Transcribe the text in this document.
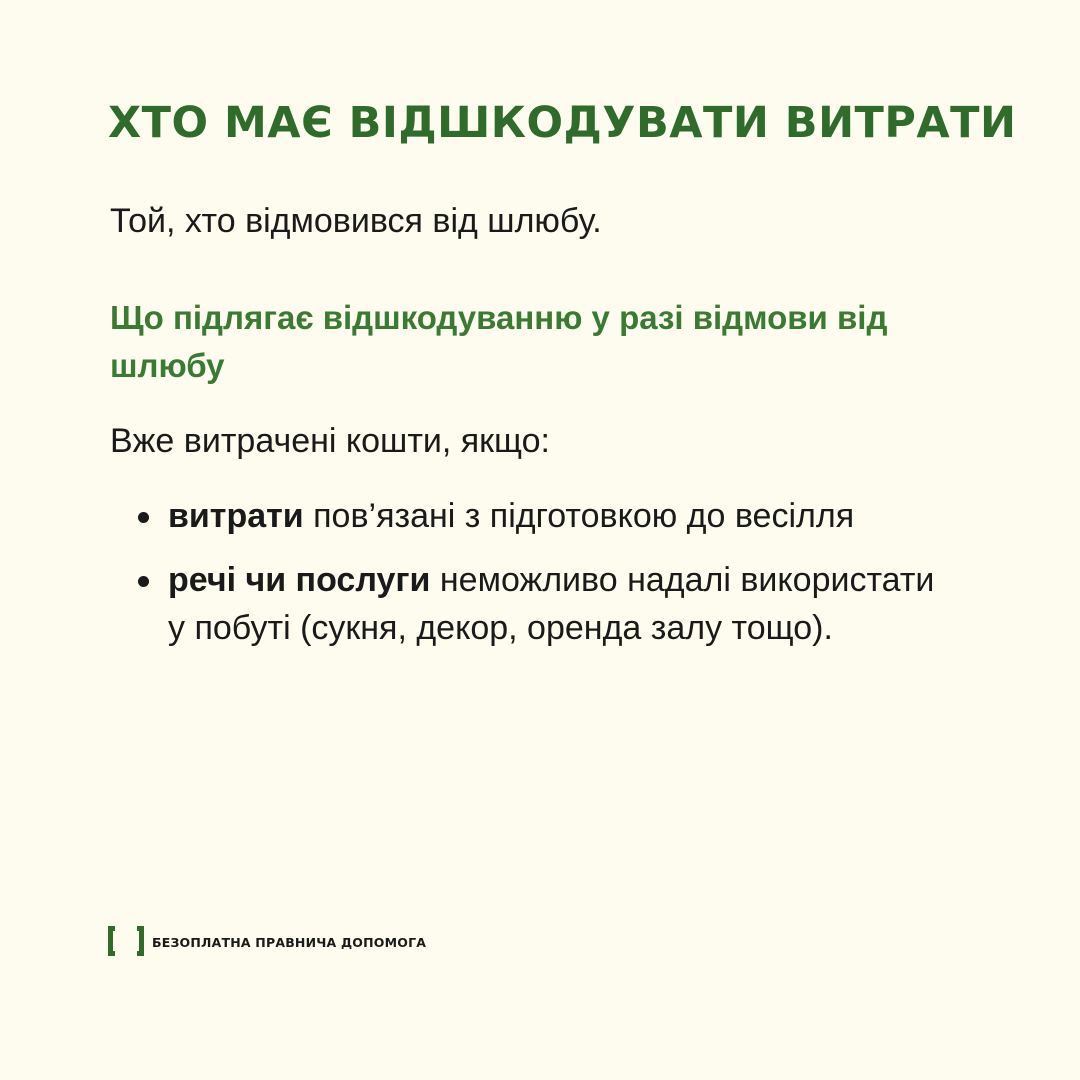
ХТО МАЄ ВІДШКОДУВАТИ ВИТРАТИ

Той, хто відмовився від шлюбу.

Що підлягає відшкодуванню у разі відмови від шлюбу

Вже витрачені кошти, якщо:

витрати пов’язані з підготовкою до весілля
речі чи послуги неможливо надалі використати у побуті (сукня, декор, оренда залу тощо).
БЕЗОПЛАТНА ПРАВНИЧА ДОПОМОГА
